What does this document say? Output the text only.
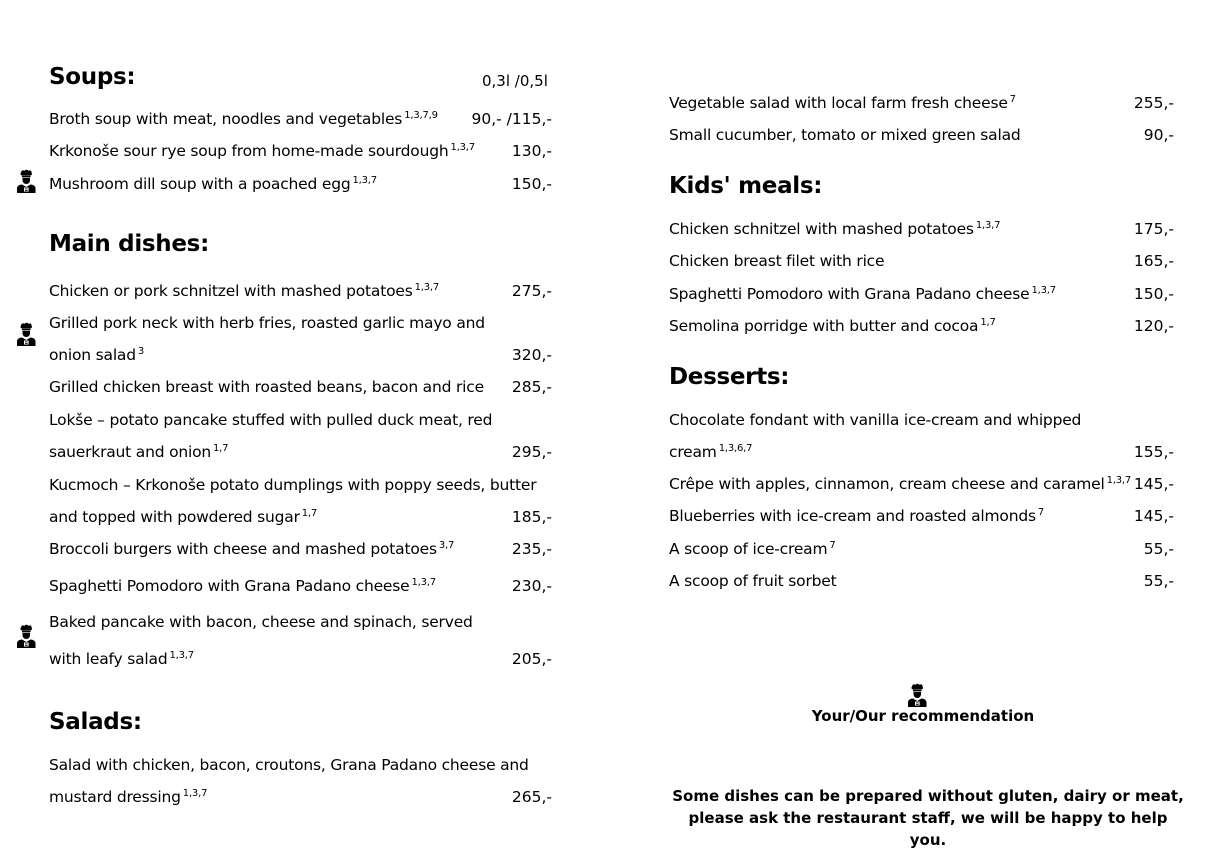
Soups:	0,3l /0,5l
Broth soup with meat, noodles and vegetables $^{1,3,7,9}$ 90,- /115,-
Krkonoše sour rye soup from home-made sourdough $^{1,3,7}$ 130,-
Mushroom dill soup with a poached egg $^{1,3,7}$	150,-
Main dishes:
Chicken or pork schnitzel with mashed potatoes $^{1,3,7}$	275,-
Grilled pork neck with herb fries, roasted garlic mayo and
onion salad $^3$	320,-
Grilled chicken breast with roasted beans, bacon and rice 285,-
Lokše – potato pancake stuffed with pulled duck meat, red
sauerkraut and onion $^{1,7}$	295,-
Kucmoch – Krkonoše potato dumplings with poppy seeds, butter
and topped with powdered sugar $^{1,7}$	185,-
Broccoli burgers with cheese and mashed potatoes $^{3,7}$	235,-
Spaghetti Pomodoro with Grana Padano cheese $^{1,3,7}$	230,-
Baked pancake with bacon, cheese and spinach, served
with leafy salad $^{1,3,7}$	205,-
Salads:
Salad with chicken, bacon, croutons, Grana Padano cheese and
mustard dressing $^{1,3,7}$	265,-
Vegetable salad with local farm fresh cheese $^7$	255,-
Small cucumber, tomato or mixed green salad	90,-
Kids' meals:
Chicken schnitzel with mashed potatoes $^{1,3,7}$	175,-
Chicken breast filet with rice	165,-
Spaghetti Pomodoro with Grana Padano cheese $^{1,3,7}$	150,-
Semolina porridge with butter and cocoa $^{1,7}$	120,-
Desserts:
Chocolate fondant with vanilla ice-cream and whipped
cream $^{1,3,6,7}$	155,-
Crêpe with apples, cinnamon, cream cheese and caramel $^{1,3,7}$ 145,-
Blueberries with ice-cream and roasted almonds $^7$	145,-
A scoop of ice-cream $^7$	55,-
A scoop of fruit sorbet	55,-
Your/Our recommendation
Some dishes can be prepared without gluten, dairy or meat, please ask the restaurant staff, we will be happy to help you.
